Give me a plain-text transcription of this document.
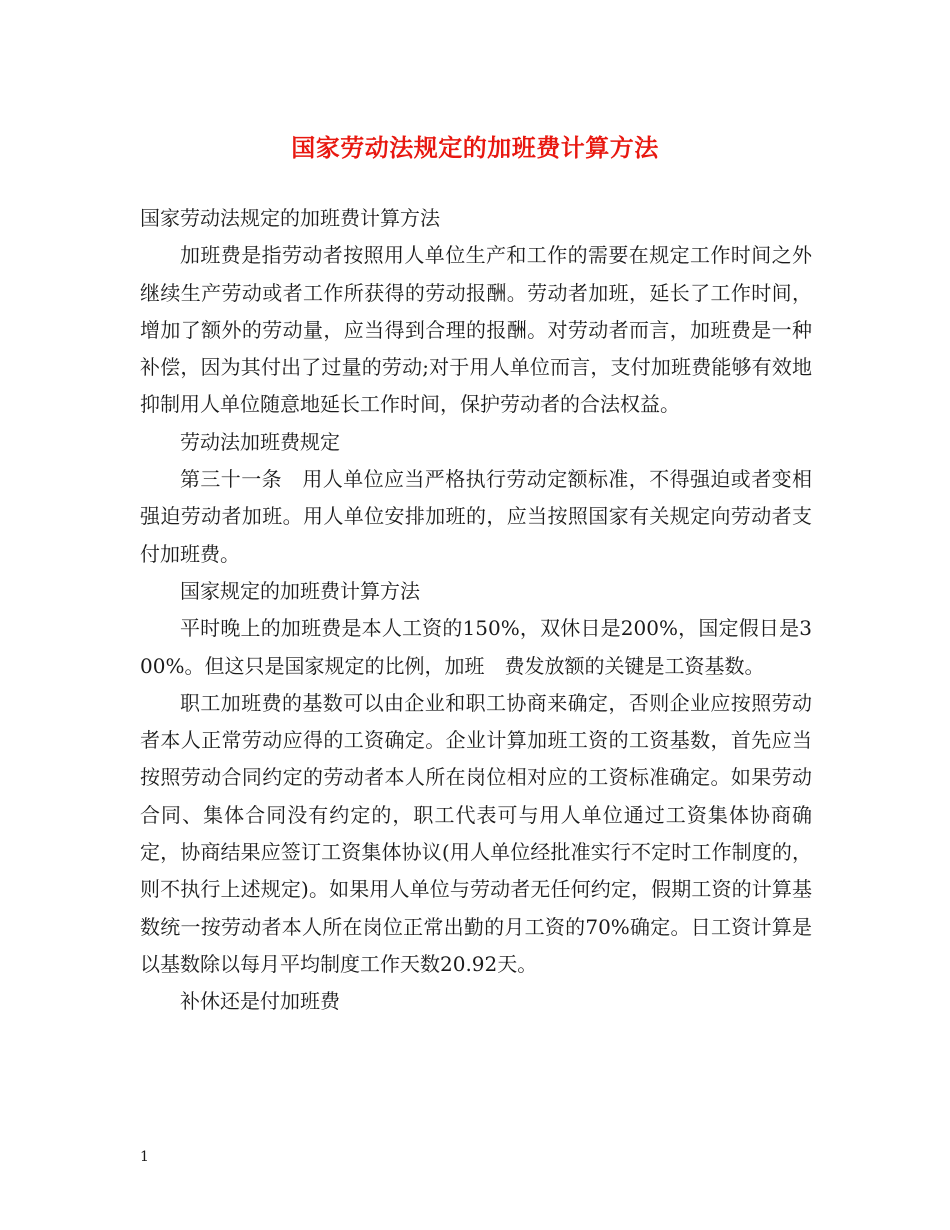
国家劳动法规定的加班费计算方法

国家劳动法规定的加班费计算方法

加班费是指劳动者按照用人单位生产和工作的需要在规定工作时间之外继续生产劳动或者工作所获得的劳动报酬。劳动者加班，延长了工作时间，增加了额外的劳动量，应当得到合理的报酬。对劳动者而言，加班费是一种补偿，因为其付出了过量的劳动;对于用人单位而言，支付加班费能够有效地抑制用人单位随意地延长工作时间，保护劳动者的合法权益。

劳动法加班费规定

第三十一条　用人单位应当严格执行劳动定额标准，不得强迫或者变相强迫劳动者加班。用人单位安排加班的，应当按照国家有关规定向劳动者支付加班费。

国家规定的加班费计算方法

平时晚上的加班费是本人工资的150%，双休日是200%，国定假日是300%。但这只是国家规定的比例，加班　费发放额的关键是工资基数。

职工加班费的基数可以由企业和职工协商来确定，否则企业应按照劳动者本人正常劳动应得的工资确定。企业计算加班工资的工资基数，首先应当按照劳动合同约定的劳动者本人所在岗位相对应的工资标准确定。如果劳动合同、集体合同没有约定的，职工代表可与用人单位通过工资集体协商确定，协商结果应签订工资集体协议(用人单位经批准实行不定时工作制度的，则不执行上述规定)。如果用人单位与劳动者无任何约定，假期工资的计算基数统一按劳动者本人所在岗位正常出勤的月工资的70%确定。日工资计算是以基数除以每月平均制度工作天数20.92天。

补休还是付加班费

1
